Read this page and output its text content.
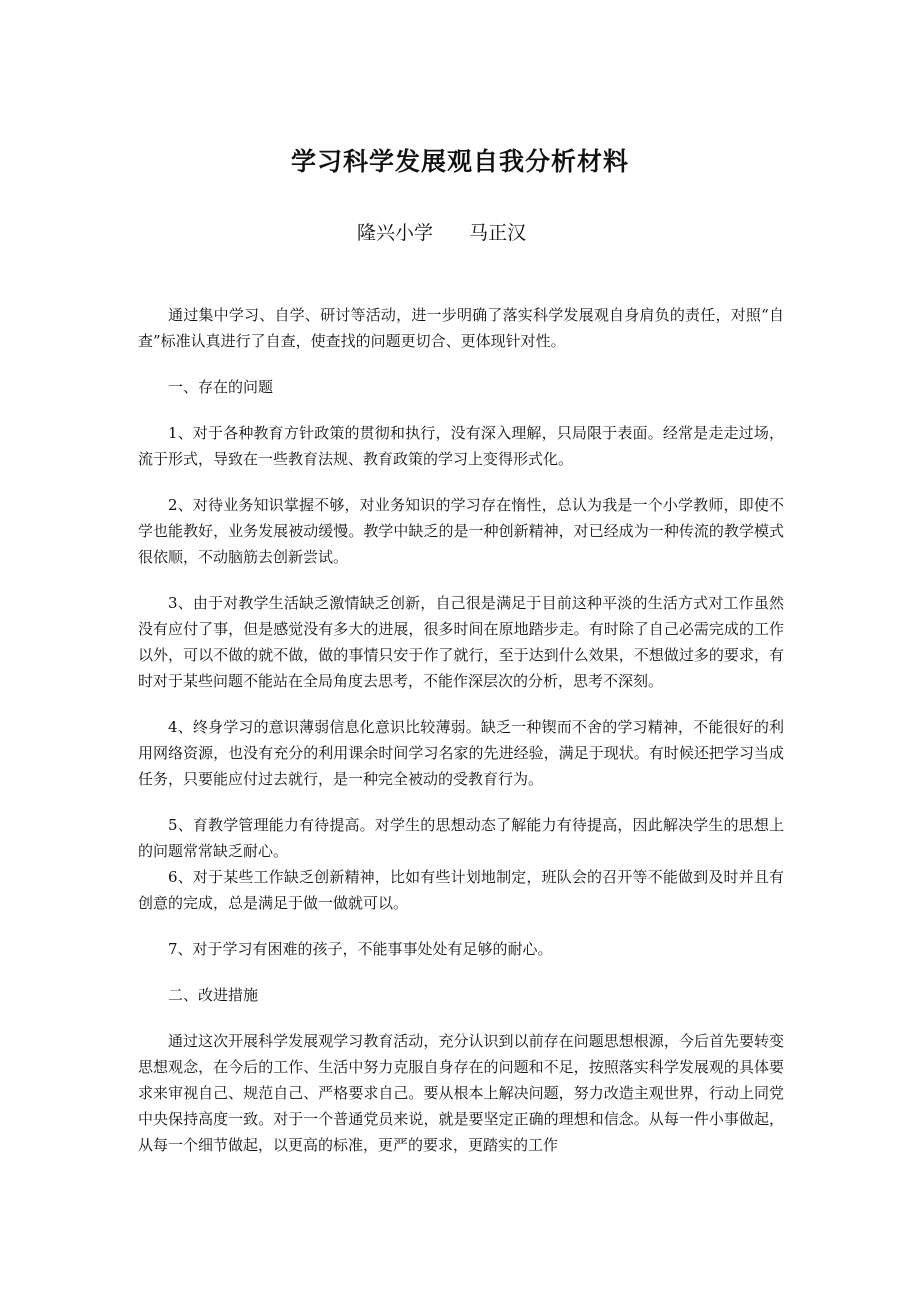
学习科学发展观自我分析材料
隆兴小学 马正汉

通过集中学习、自学、研讨等活动，进一步明确了落实科学发展观自身肩负的责任，对照“自查”标准认真进行了自查，使查找的问题更切合、更体现针对性。

一、存在的问题

1、对于各种教育方针政策的贯彻和执行，没有深入理解，只局限于表面。经常是走走过场，流于形式，导致在一些教育法规、教育政策的学习上变得形式化。

2、对待业务知识掌握不够，对业务知识的学习存在惰性，总认为我是一个小学教师，即使不学也能教好，业务发展被动缓慢。教学中缺乏的是一种创新精神，对已经成为一种传流的教学模式很依顺，不动脑筋去创新尝试。

3、由于对教学生活缺乏激情缺乏创新，自己很是满足于目前这种平淡的生活方式对工作虽然没有应付了事，但是感觉没有多大的进展，很多时间在原地踏步走。有时除了自己必需完成的工作以外，可以不做的就不做，做的事情只安于作了就行，至于达到什么效果，不想做过多的要求，有时对于某些问题不能站在全局角度去思考，不能作深层次的分析，思考不深刻。

4、终身学习的意识薄弱信息化意识比较薄弱。缺乏一种锲而不舍的学习精神，不能很好的利用网络资源，也没有充分的利用课余时间学习名家的先进经验，满足于现状。有时候还把学习当成任务，只要能应付过去就行，是一种完全被动的受教育行为。

5、育教学管理能力有待提高。对学生的思想动态了解能力有待提高，因此解决学生的思想上的问题常常缺乏耐心。

6、对于某些工作缺乏创新精神，比如有些计划地制定，班队会的召开等不能做到及时并且有创意的完成，总是满足于做一做就可以。

7、对于学习有困难的孩子，不能事事处处有足够的耐心。

二、改进措施

通过这次开展科学发展观学习教育活动，充分认识到以前存在问题思想根源，今后首先要转变思想观念，在今后的工作、生活中努力克服自身存在的问题和不足，按照落实科学发展观的具体要求来审视自己、规范自己、严格要求自己。要从根本上解决问题，努力改造主观世界，行动上同党中央保持高度一致。对于一个普通党员来说，就是要坚定正确的理想和信念。从每一件小事做起，从每一个细节做起，以更高的标准，更严的要求，更踏实的工作
